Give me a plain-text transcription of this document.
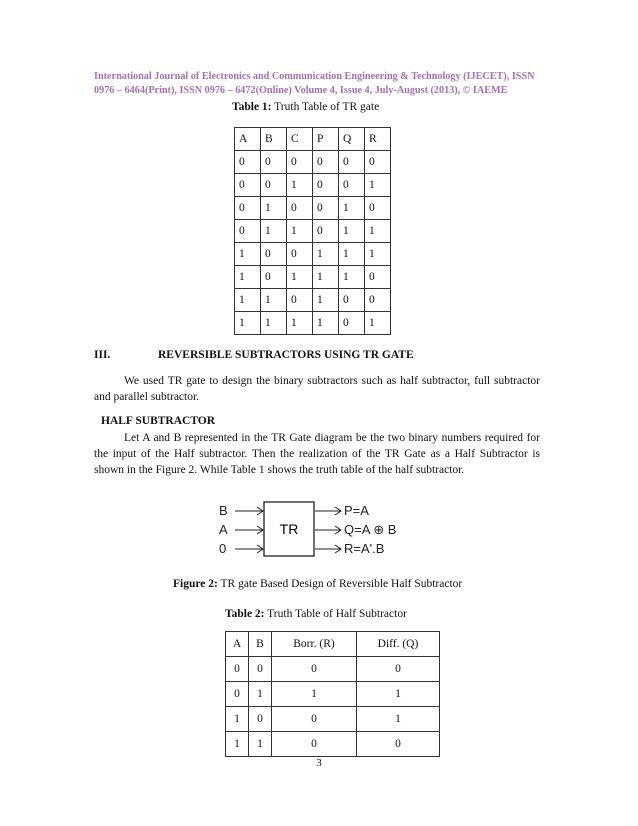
International Journal of Electronics and Communication Engineering & Technology (IJECET), ISSN
0976 – 6464(Print), ISSN 0976 – 6472(Online) Volume 4, Issue 4, July-August (2013), © IAEME
Table 1: Truth Table of TR gate
A	B	C	P	Q	R
0	0	0	0	0	0
0	0	1	0	0	1
0	1	0	0	1	0
0	1	1	0	1	1
1	0	0	1	1	1
1	0	1	1	1	0
1	1	0	1	0	0
1	1	1	1	0	1
III.	REVERSIBLE SUBTRACTORS USING TR GATE
We used TR gate to design the binary subtractors such as half subtractor, full subtractor and parallel subtractor.
HALF SUBTRACTOR
Let A and B represented in the TR Gate diagram be the two binary numbers required for the input of the Half subtractor. Then the realization of the TR Gate as a Half Subtractor is shown in the Figure 2. While Table 1 shows the truth table of the half subtractor.
TR
B
A
0
P=A
Q=A ⊕ B
R=A'.B
Figure 2: TR gate Based Design of Reversible Half Subtractor
Table 2: Truth Table of Half Subtractor
A	B	Borr. (R)	Diff. (Q)
0	0	0	0
0	1	1	1
1	0	0	1
1	1	0	0
3
